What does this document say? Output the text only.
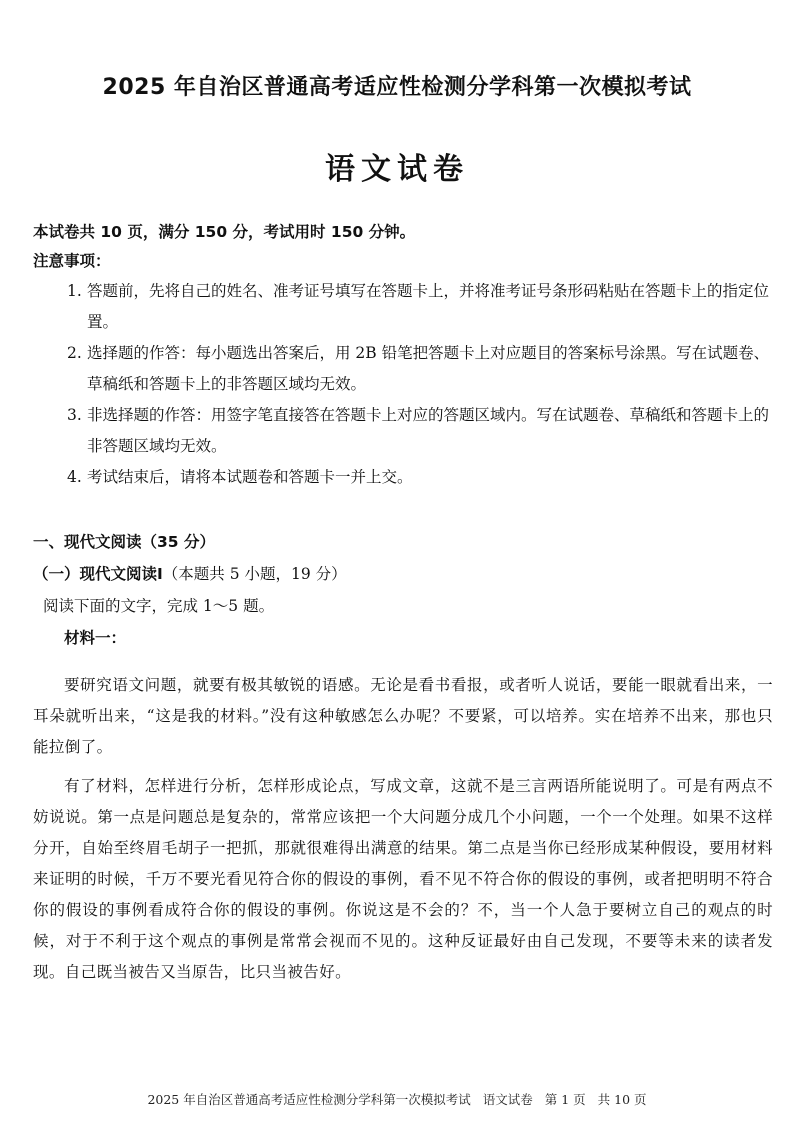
2025 年自治区普通高考适应性检测分学科第一次模拟考试
语文试卷

本试卷共 10 页，满分 150 分，考试用时 150 分钟。

注意事项：

1. 答题前，先将自己的姓名、准考证号填写在答题卡上，并将准考证号条形码粘贴在答题卡上的指定位置。
2. 选择题的作答：每小题选出答案后，用 2B 铅笔把答题卡上对应题目的答案标号涂黑。写在试题卷、草稿纸和答题卡上的非答题区域均无效。
3. 非选择题的作答：用签字笔直接答在答题卡上对应的答题区域内。写在试题卷、草稿纸和答题卡上的非答题区域均无效。
4. 考试结束后，请将本试题卷和答题卡一并上交。

一、现代文阅读（35 分）

（一）现代文阅读Ⅰ（本题共 5 小题，19 分）

阅读下面的文字，完成 1～5 题。

材料一：

要研究语文问题，就要有极其敏锐的语感。无论是看书看报，或者听人说话，要能一眼就看出来，一耳朵就听出来，“这是我的材料。”没有这种敏感怎么办呢？不要紧，可以培养。实在培养不出来，那也只能拉倒了。

有了材料，怎样进行分析，怎样形成论点，写成文章，这就不是三言两语所能说明了。可是有两点不妨说说。第一点是问题总是复杂的，常常应该把一个大问题分成几个小问题，一个一个处理。如果不这样分开，自始至终眉毛胡子一把抓，那就很难得出满意的结果。第二点是当你已经形成某种假设，要用材料来证明的时候，千万不要光看见符合你的假设的事例，看不见不符合你的假设的事例，或者把明明不符合你的假设的事例看成符合你的假设的事例。你说这是不会的？不，当一个人急于要树立自己的观点的时候，对于不利于这个观点的事例是常常会视而不见的。这种反证最好由自己发现，不要等未来的读者发现。自己既当被告又当原告，比只当被告好。

2025 年自治区普通高考适应性检测分学科第一次模拟考试 语文试卷 第 1 页 共 10 页
